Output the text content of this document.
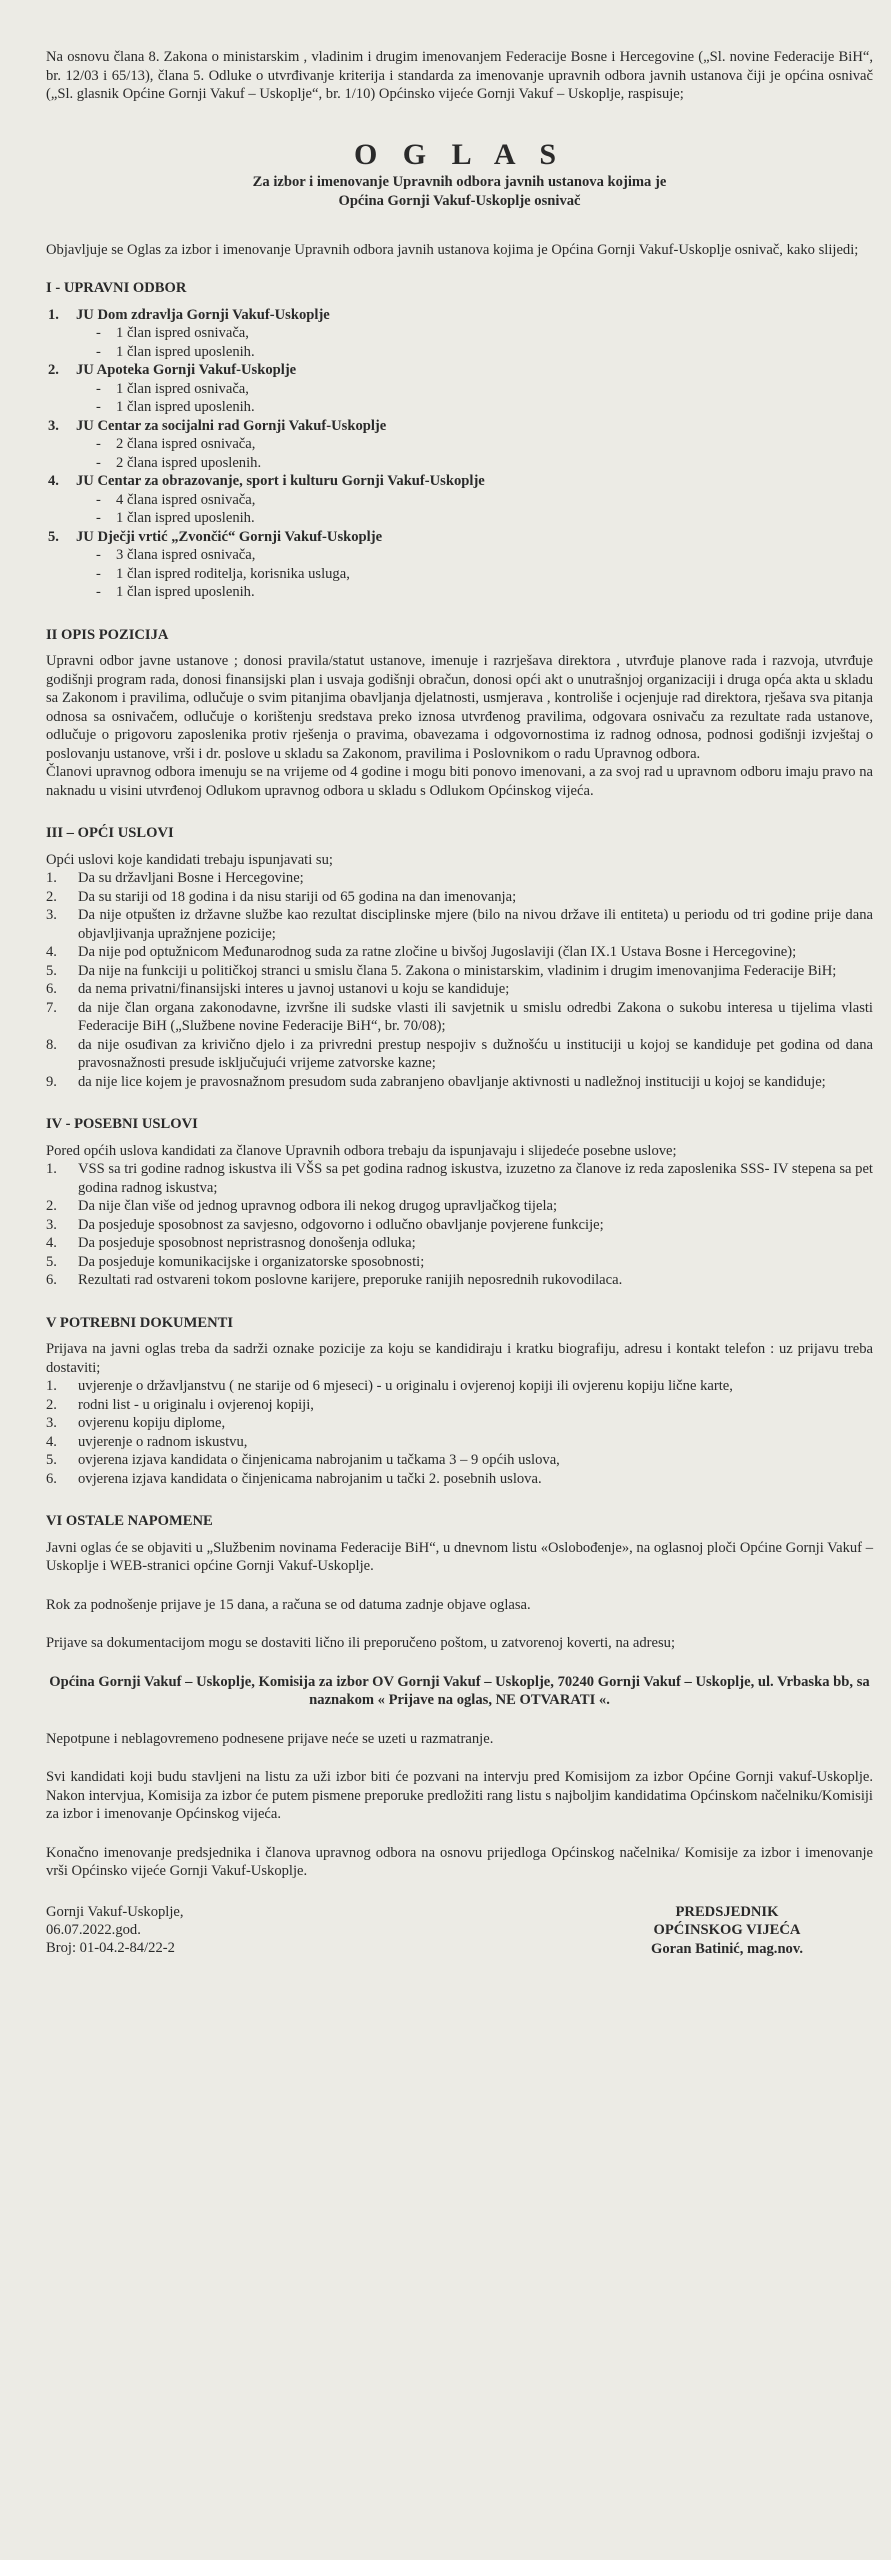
Na osnovu člana 8. Zakona o ministarskim , vladinim i drugim imenovanjem Federacije Bosne i Hercegovine („Sl. novine Federacije BiH“, br. 12/03 i 65/13), člana 5. Odluke o utvrđivanje kriterija i standarda za imenovanje upravnih odbora javnih ustanova čiji je općina osnivač („Sl. glasnik Općine Gornji Vakuf – Uskoplje“, br. 1/10) Općinsko vijeće Gornji Vakuf – Uskoplje, raspisuje;
O G L A S
Za izbor i imenovanje Upravnih odbora javnih ustanova kojima je
Općina Gornji Vakuf-Uskoplje osnivač
Objavljuje se Oglas za izbor i imenovanje Upravnih odbora javnih ustanova kojima je Općina Gornji Vakuf-Uskoplje osnivač, kako slijedi;
I - UPRAVNI ODBOR
1. JU Dom zdravlja Gornji Vakuf-Uskoplje
- 1 član ispred osnivača,
- 1 član ispred uposlenih.
2. JU Apoteka Gornji Vakuf-Uskoplje
- 1 član ispred osnivača,
- 1 član ispred uposlenih.
3. JU Centar za socijalni rad Gornji Vakuf-Uskoplje
- 2 člana ispred osnivača,
- 2 člana ispred uposlenih.
4. JU Centar za obrazovanje, sport i kulturu Gornji Vakuf-Uskoplje
- 4 člana ispred osnivača,
- 1 član ispred uposlenih.
5. JU Dječji vrtić „Zvončić“ Gornji Vakuf-Uskoplje
- 3 člana ispred osnivača,
- 1 član ispred roditelja, korisnika usluga,
- 1 član ispred uposlenih.
II OPIS POZICIJA
Upravni odbor javne ustanove ; donosi pravila/statut ustanove, imenuje i razrješava direktora , utvrđuje planove rada i razvoja, utvrđuje godišnji program rada, donosi finansijski plan i usvaja godišnji obračun, donosi opći akt o unutrašnjoj organizaciji i druga opća akta u skladu sa Zakonom i pravilima, odlučuje o svim pitanjima obavljanja djelatnosti, usmjerava , kontroliše i ocjenjuje rad direktora, rješava sva pitanja odnosa sa osnivačem, odlučuje o korištenju sredstava preko iznosa utvrđenog pravilima, odgovara osnivaču za rezultate rada ustanove, odlučuje o prigovoru zaposlenika protiv rješenja o pravima, obavezama i odgovornostima iz radnog odnosa, podnosi godišnji izvještaj o poslovanju ustanove, vrši i dr. poslove u skladu sa Zakonom, pravilima i Poslovnikom o radu Upravnog odbora.
Članovi upravnog odbora imenuju se na vrijeme od 4 godine i mogu biti ponovo imenovani, a za svoj rad u upravnom odboru imaju pravo na naknadu u visini utvrđenoj Odlukom upravnog odbora u skladu s Odlukom Općinskog vijeća.
III – OPĆI USLOVI
Opći uslovi koje kandidati trebaju ispunjavati su;
1. Da su državljani Bosne i Hercegovine;
2. Da su stariji od 18 godina i da nisu stariji od 65 godina na dan imenovanja;
3. Da nije otpušten iz državne službe kao rezultat disciplinske mjere (bilo na nivou države ili entiteta) u periodu od tri godine prije dana objavljivanja upražnjene pozicije;
4. Da nije pod optužnicom Međunarodnog suda za ratne zločine u bivšoj Jugoslaviji (član IX.1 Ustava Bosne i Hercegovine);
5. Da nije na funkciji u političkoj stranci u smislu člana 5. Zakona o ministarskim, vladinim i drugim imenovanjima Federacije BiH;
6. da nema privatni/finansijski interes u javnoj ustanovi u koju se kandiduje;
7. da nije član organa zakonodavne, izvršne ili sudske vlasti ili savjetnik u smislu odredbi Zakona o sukobu interesa u tijelima vlasti Federacije BiH („Službene novine Federacije BiH“, br. 70/08);
8. da nije osuđivan za krivično djelo i za privredni prestup nespojiv s dužnošću u instituciji u kojoj se kandiduje pet godina od dana pravosnažnosti presude isključujući vrijeme zatvorske kazne;
9. da nije lice kojem je pravosnažnom presudom suda zabranjeno obavljanje aktivnosti u nadležnoj instituciji u kojoj se kandiduje;
IV - POSEBNI USLOVI
Pored općih uslova kandidati za članove Upravnih odbora trebaju da ispunjavaju i slijedeće posebne uslove;
1. VSS sa tri godine radnog iskustva ili VŠS sa pet godina radnog iskustva, izuzetno za članove iz reda zaposlenika SSS- IV stepena sa pet godina radnog iskustva;
2. Da nije član više od jednog upravnog odbora ili nekog drugog upravljačkog tijela;
3. Da posjeduje sposobnost za savjesno, odgovorno i odlučno obavljanje povjerene funkcije;
4. Da posjeduje sposobnost nepristrasnog donošenja odluka;
5. Da posjeduje komunikacijske i organizatorske sposobnosti;
6. Rezultati rad ostvareni tokom poslovne karijere, preporuke ranijih neposrednih rukovodilaca.
V POTREBNI DOKUMENTI
Prijava na javni oglas treba da sadrži oznake pozicije za koju se kandidiraju i kratku biografiju, adresu i kontakt telefon : uz prijavu treba dostaviti;
1. uvjerenje o državljanstvu ( ne starije od 6 mjeseci) - u originalu i ovjerenoj kopiji ili ovjerenu kopiju lične karte,
2. rodni list - u originalu i ovjerenoj kopiji,
3. ovjerenu kopiju diplome,
4. uvjerenje o radnom iskustvu,
5. ovjerena izjava kandidata o činjenicama nabrojanim u tačkama 3 – 9 općih uslova,
6. ovjerena izjava kandidata o činjenicama nabrojanim u tački 2. posebnih uslova.
VI OSTALE NAPOMENE
Javni oglas će se objaviti u „Službenim novinama Federacije BiH“, u dnevnom listu «Oslobođenje», na oglasnoj ploči Općine Gornji Vakuf – Uskoplje i WEB-stranici općine Gornji Vakuf-Uskoplje.
Rok za podnošenje prijave je 15 dana, a računa se od datuma zadnje objave oglasa.
Prijave sa dokumentacijom mogu se dostaviti lično ili preporučeno poštom, u zatvorenoj koverti, na adresu;
Općina Gornji Vakuf – Uskoplje, Komisija za izbor OV Gornji Vakuf – Uskoplje, 70240 Gornji Vakuf – Uskoplje, ul. Vrbaska bb, sa naznakom « Prijave na oglas, NE OTVARATI «.
Nepotpune i neblagovremeno podnesene prijave neće se uzeti u razmatranje.
Svi kandidati koji budu stavljeni na listu za uži izbor biti će pozvani na intervju pred Komisijom za izbor Općine Gornji vakuf-Uskoplje. Nakon intervjua, Komisija za izbor će putem pismene preporuke predložiti rang listu s najboljim kandidatima Općinskom načelniku/Komisiji za izbor i imenovanje Općinskog vijeća.
Konačno imenovanje predsjednika i članova upravnog odbora na osnovu prijedloga Općinskog načelnika/ Komisije za izbor i imenovanje vrši Općinsko vijeće Gornji Vakuf-Uskoplje.
Gornji Vakuf-Uskoplje,
06.07.2022.god.
Broj: 01-04.2-84/22-2
PREDSJEDNIK
OPĆINSKOG VIJEĆA
Goran Batinić, mag.nov.
